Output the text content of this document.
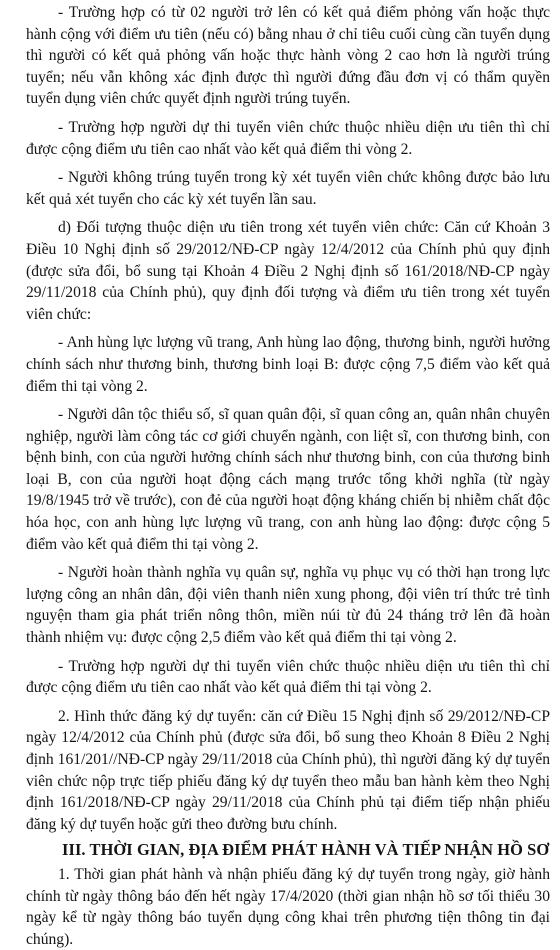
- Trường hợp có từ 02 người trở lên có kết quả điểm phỏng vấn hoặc thực hành cộng với điểm ưu tiên (nếu có) bằng nhau ở chỉ tiêu cuối cùng cần tuyển dụng thì người có kết quả phỏng vấn hoặc thực hành vòng 2 cao hơn là người trúng tuyển; nếu vẫn không xác định được thì người đứng đầu đơn vị có thẩm quyền tuyển dụng viên chức quyết định người trúng tuyển.

- Trường hợp người dự thi tuyển viên chức thuộc nhiều diện ưu tiên thì chỉ được cộng điểm ưu tiên cao nhất vào kết quả điểm thi vòng 2.

- Người không trúng tuyển trong kỳ xét tuyển viên chức không được bảo lưu kết quả xét tuyển cho các kỳ xét tuyển lần sau.

d) Đối tượng thuộc diện ưu tiên trong xét tuyển viên chức: Căn cứ Khoản 3 Điều 10 Nghị định số 29/2012/NĐ-CP ngày 12/4/2012 của Chính phủ quy định (được sửa đổi, bổ sung tại Khoản 4 Điều 2 Nghị định số 161/2018/NĐ-CP ngày 29/11/2018 của Chính phủ), quy định đối tượng và điểm ưu tiên trong xét tuyển viên chức:

- Anh hùng lực lượng vũ trang, Anh hùng lao động, thương binh, người hưởng chính sách như thương binh, thương binh loại B: được cộng 7,5 điểm vào kết quả điểm thi tại vòng 2.

- Người dân tộc thiểu số, sĩ quan quân đội, sĩ quan công an, quân nhân chuyên nghiệp, người làm công tác cơ giới chuyển ngành, con liệt sĩ, con thương binh, con bệnh binh, con của người hưởng chính sách như thương binh, con của thương binh loại B, con của người hoạt động cách mạng trước tổng khởi nghĩa (từ ngày 19/8/1945 trở về trước), con đẻ của người hoạt động kháng chiến bị nhiễm chất độc hóa học, con anh hùng lực lượng vũ trang, con anh hùng lao động: được cộng 5 điểm vào kết quả điểm thi tại vòng 2.

- Người hoàn thành nghĩa vụ quân sự, nghĩa vụ phục vụ có thời hạn trong lực lượng công an nhân dân, đội viên thanh niên xung phong, đội viên trí thức trẻ tình nguyện tham gia phát triển nông thôn, miền núi từ đủ 24 tháng trở lên đã hoàn thành nhiệm vụ: được cộng 2,5 điểm vào kết quả điểm thi tại vòng 2.

- Trường hợp người dự thi tuyển viên chức thuộc nhiều diện ưu tiên thì chỉ được cộng điểm ưu tiên cao nhất vào kết quả điểm thi tại vòng 2.

2. Hình thức đăng ký dự tuyển: căn cứ Điều 15 Nghị định số 29/2012/NĐ-CP ngày 12/4/2012 của Chính phủ (được sửa đổi, bổ sung theo Khoản 8 Điều 2 Nghị định 161/201//NĐ-CP ngày 29/11/2018 của Chính phủ), thì người đăng ký dự tuyển viên chức nộp trực tiếp phiếu đăng ký dự tuyển theo mẫu ban hành kèm theo Nghị định 161/2018/NĐ-CP ngày 29/11/2018 của Chính phủ tại điểm tiếp nhận phiếu đăng ký dự tuyển hoặc gửi theo đường bưu chính.

III. THỜI GIAN, ĐỊA ĐIỂM PHÁT HÀNH VÀ TIẾP NHẬN HỒ SƠ

1. Thời gian phát hành và nhận phiếu đăng ký dự tuyển trong ngày, giờ hành chính từ ngày thông báo đến hết ngày 17/4/2020 (thời gian nhận hồ sơ tối thiểu 30 ngày kể từ ngày thông báo tuyển dụng công khai trên phương tiện thông tin đại chúng).
